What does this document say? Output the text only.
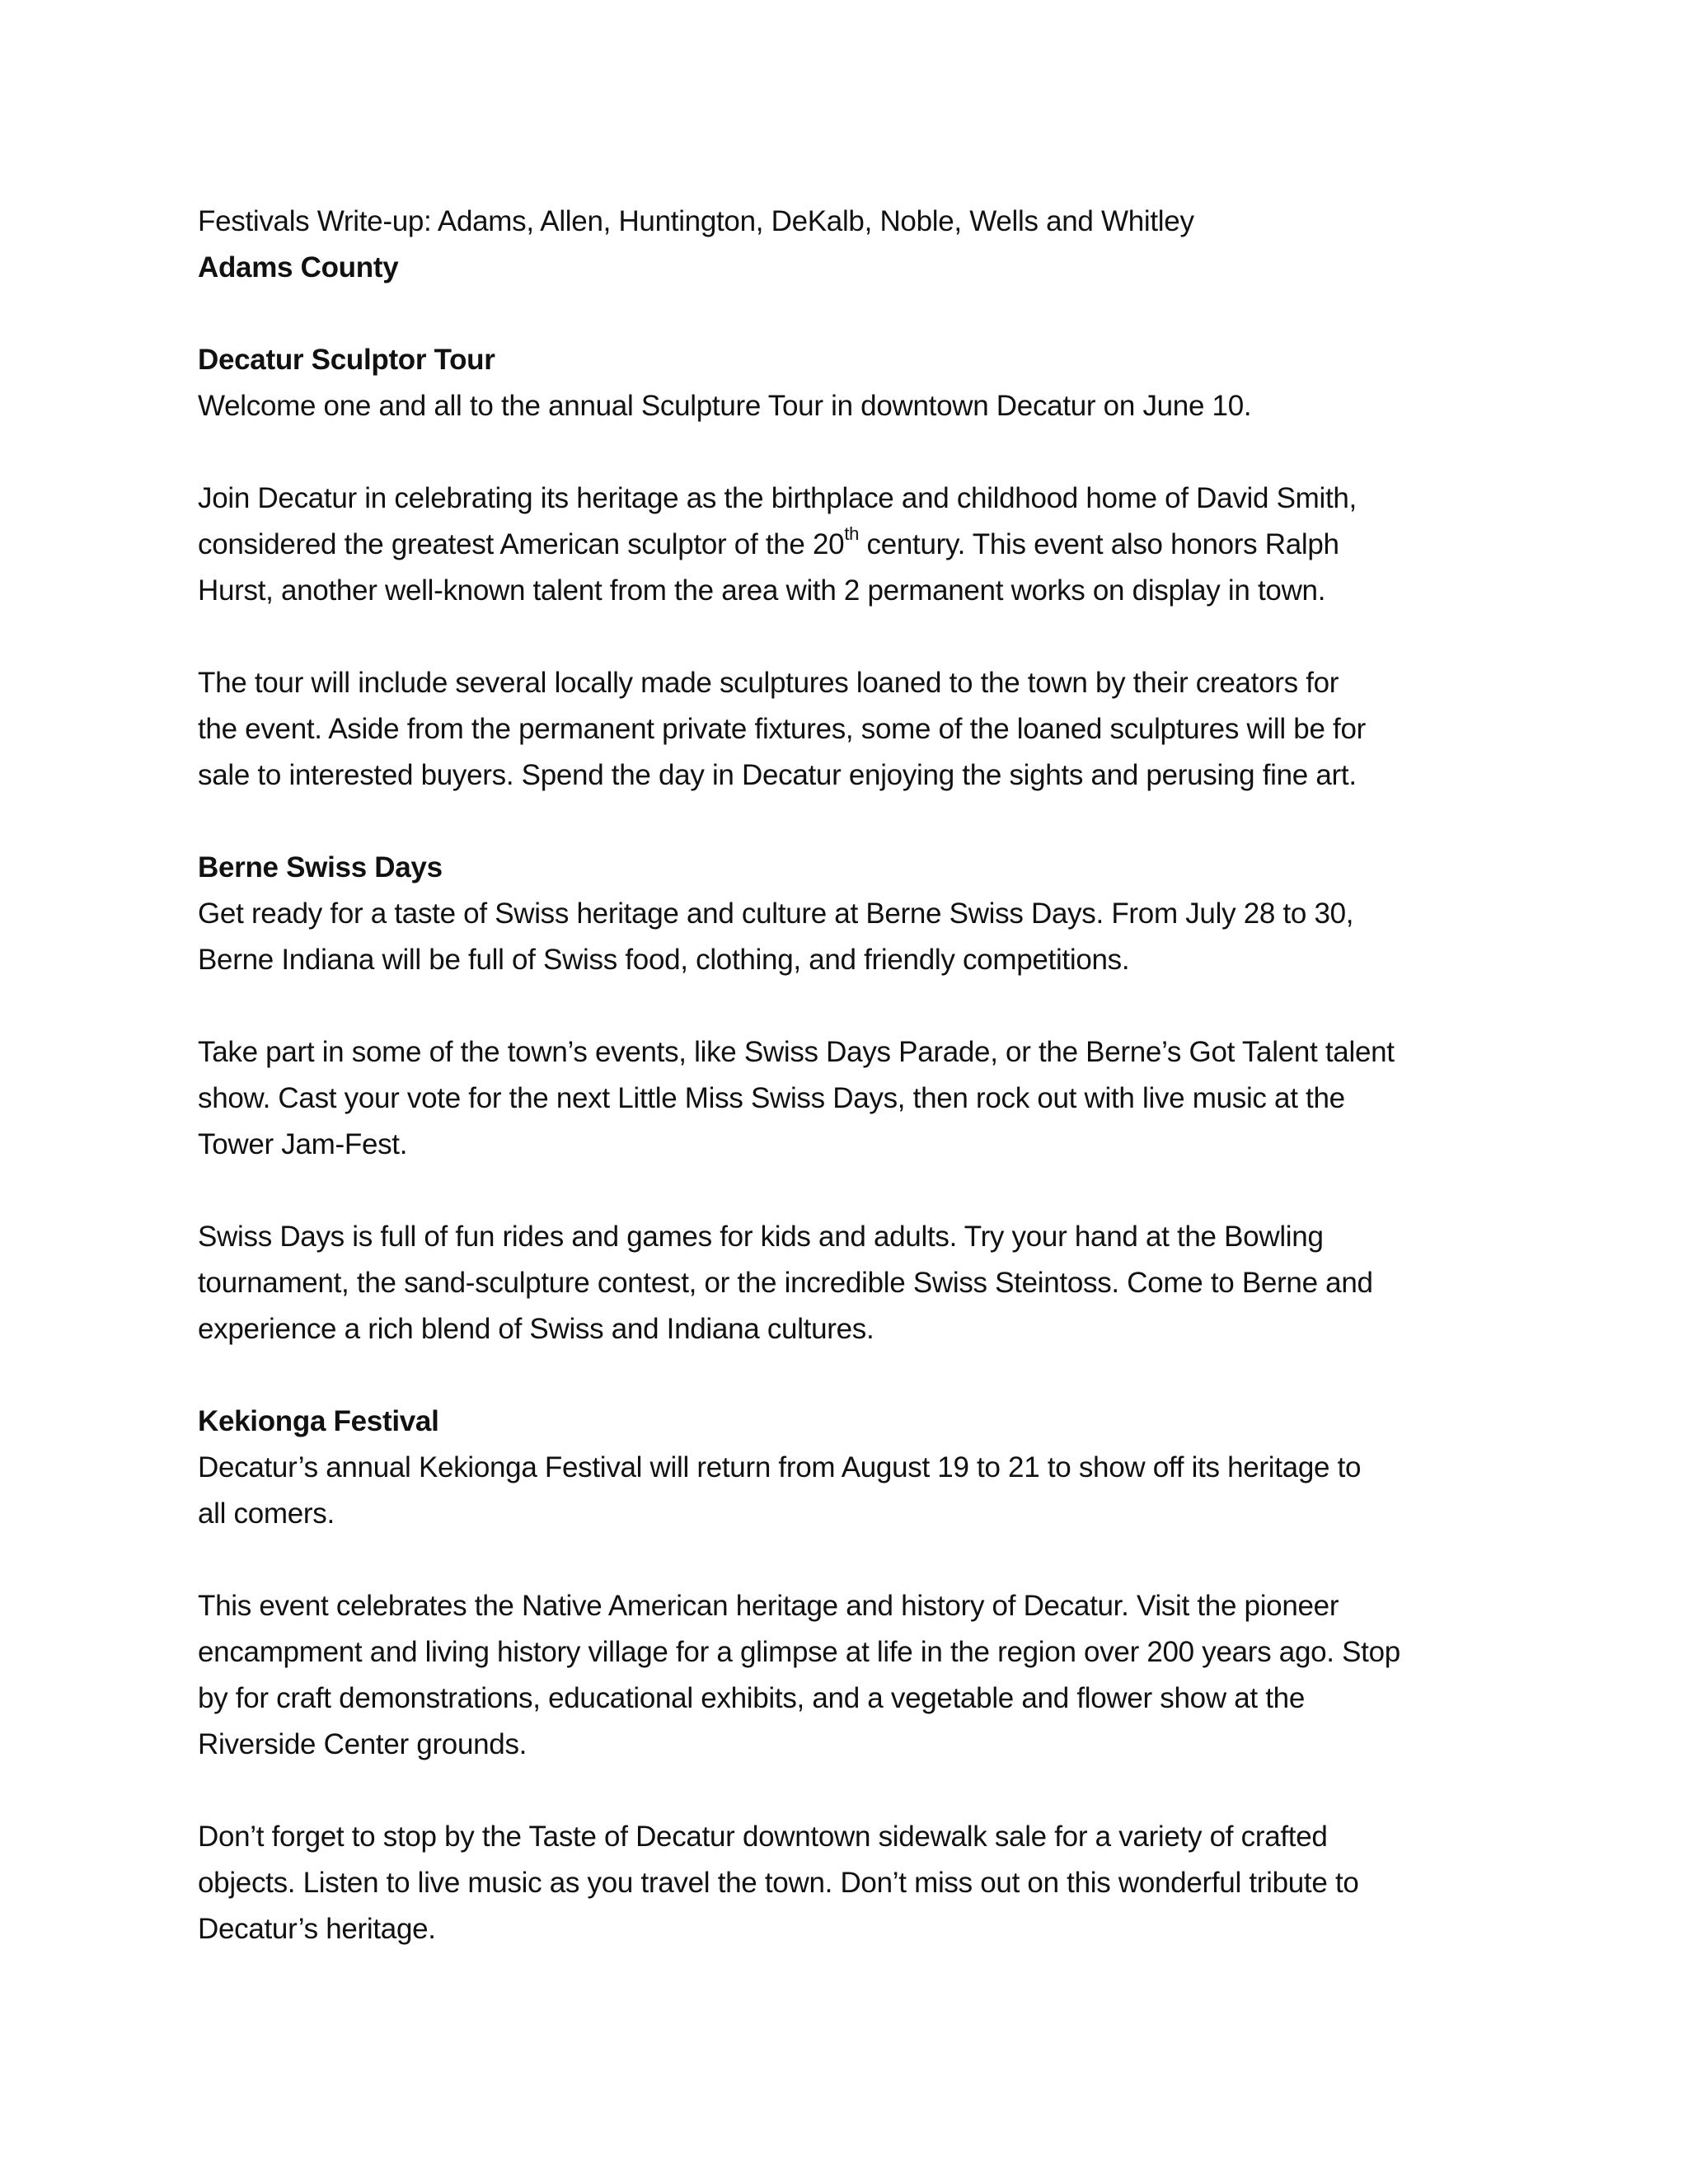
Festivals Write-up: Adams, Allen, Huntington, DeKalb, Noble, Wells and Whitley
Adams County
Decatur Sculptor Tour
Welcome one and all to the annual Sculpture Tour in downtown Decatur on June 10.
Join Decatur in celebrating its heritage as the birthplace and childhood home of David Smith,
considered the greatest American sculptor of the 20th century. This event also honors Ralph
Hurst, another well-known talent from the area with 2 permanent works on display in town.
The tour will include several locally made sculptures loaned to the town by their creators for
the event. Aside from the permanent private fixtures, some of the loaned sculptures will be for
sale to interested buyers. Spend the day in Decatur enjoying the sights and perusing fine art.
Berne Swiss Days
Get ready for a taste of Swiss heritage and culture at Berne Swiss Days. From July 28 to 30,
Berne Indiana will be full of Swiss food, clothing, and friendly competitions.
Take part in some of the town’s events, like Swiss Days Parade, or the Berne’s Got Talent talent
show. Cast your vote for the next Little Miss Swiss Days, then rock out with live music at the
Tower Jam-Fest.
Swiss Days is full of fun rides and games for kids and adults. Try your hand at the Bowling
tournament, the sand-sculpture contest, or the incredible Swiss Steintoss. Come to Berne and
experience a rich blend of Swiss and Indiana cultures.
Kekionga Festival
Decatur’s annual Kekionga Festival will return from August 19 to 21 to show off its heritage to
all comers.
This event celebrates the Native American heritage and history of Decatur. Visit the pioneer
encampment and living history village for a glimpse at life in the region over 200 years ago. Stop
by for craft demonstrations, educational exhibits, and a vegetable and flower show at the
Riverside Center grounds.
Don’t forget to stop by the Taste of Decatur downtown sidewalk sale for a variety of crafted
objects. Listen to live music as you travel the town. Don’t miss out on this wonderful tribute to
Decatur’s heritage.
